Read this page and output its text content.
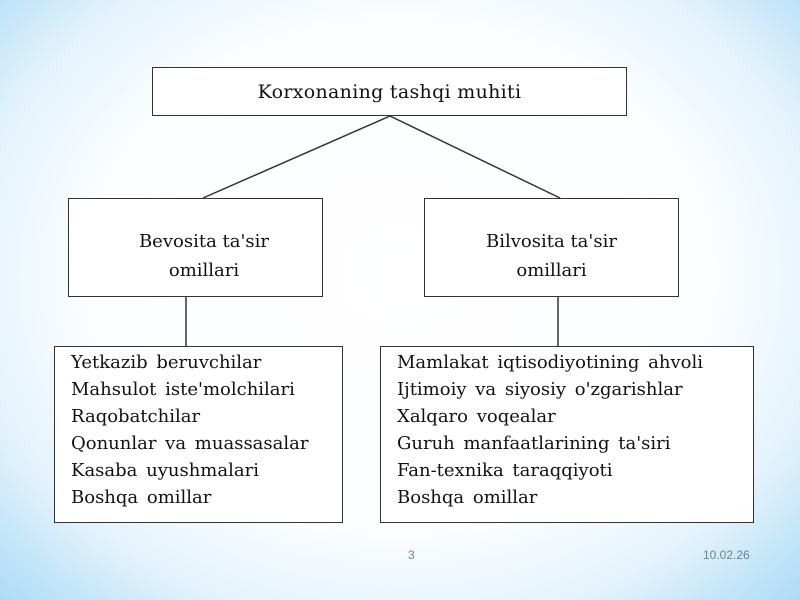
Korxonaning tashqi muhiti
Bevosita ta'sir omillari
Bilvosita ta'sir omillari
Yetkazib beruvchilar
Mahsulot iste'molchilari
Raqobatchilar
Qonunlar va muassasalar
Kasaba uyushmalari
Boshqa omillar
Mamlakat iqtisodiyotining ahvoli
Ijtimoiy va siyosiy o'zgarishlar
Xalqaro voqealar
Guruh manfaatlarining ta'siri
Fan-texnika taraqqiyoti
Boshqa omillar
3	10.02.26
